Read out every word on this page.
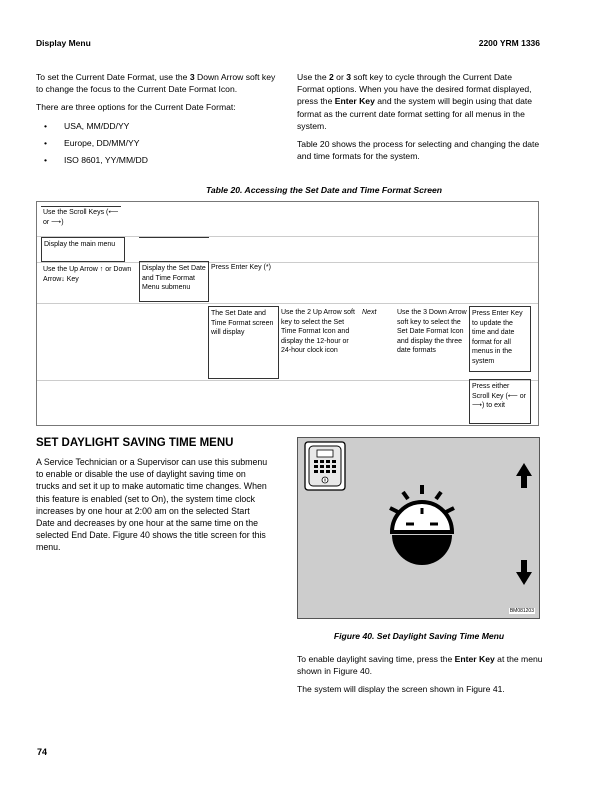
Display Menu	2200 YRM 1336

To set the Current Date Format, use the 3 Down Arrow soft key to change the focus to the Current Date Format Icon.

There are three options for the Current Date Format:

• USA, MM/DD/YY
• Europe, DD/MM/YY
• ISO 8601, YY/MM/DD

Use the 2 or 3 soft key to cycle through the Current Date Format options. When you have the desired format displayed, press the Enter Key and the system will begin using that date format as the current date format setting for all menus in the system.

Table 20 shows the process for selecting and changing the date and time formats for the system.

Table 20. Accessing the Set Date and Time Format Screen
Use the Scroll Keys (⟵ or ⟶)
Display the main menu
Use the Up Arrow ↑ or Down Arrow↓ Key
Display the Set Date and Time Format Menu submenu
Press Enter Key (*)
The Set Date and Time Format screen will display
Use the 2 Up Arrow soft key to select the Set Time Format Icon and display the 12-hour or 24-hour clock icon
Next	Use the 3 Down Arrow soft key to select the Set Date Format Icon and display the three date formats
Press Enter Key to update the time and date format for all menus in the system
Press either Scroll Key (⟵ or ⟶) to exit
SET DAYLIGHT SAVING TIME MENU
A Service Technician or a Supervisor can use this submenu to enable or disable the use of daylight saving time on trucks and set it up to make automatic time changes. When this feature is enabled (set to On), the system time clock increases by one hour at 2:00 am on the selected Start Date and decreases by one hour at the same time on the selected End Date. Figure 40 shows the title screen for this menu.
BM081203
Figure 40. Set Daylight Saving Time Menu

To enable daylight saving time, press the Enter Key at the menu shown in Figure 40.

The system will display the screen shown in Figure 41.

74
